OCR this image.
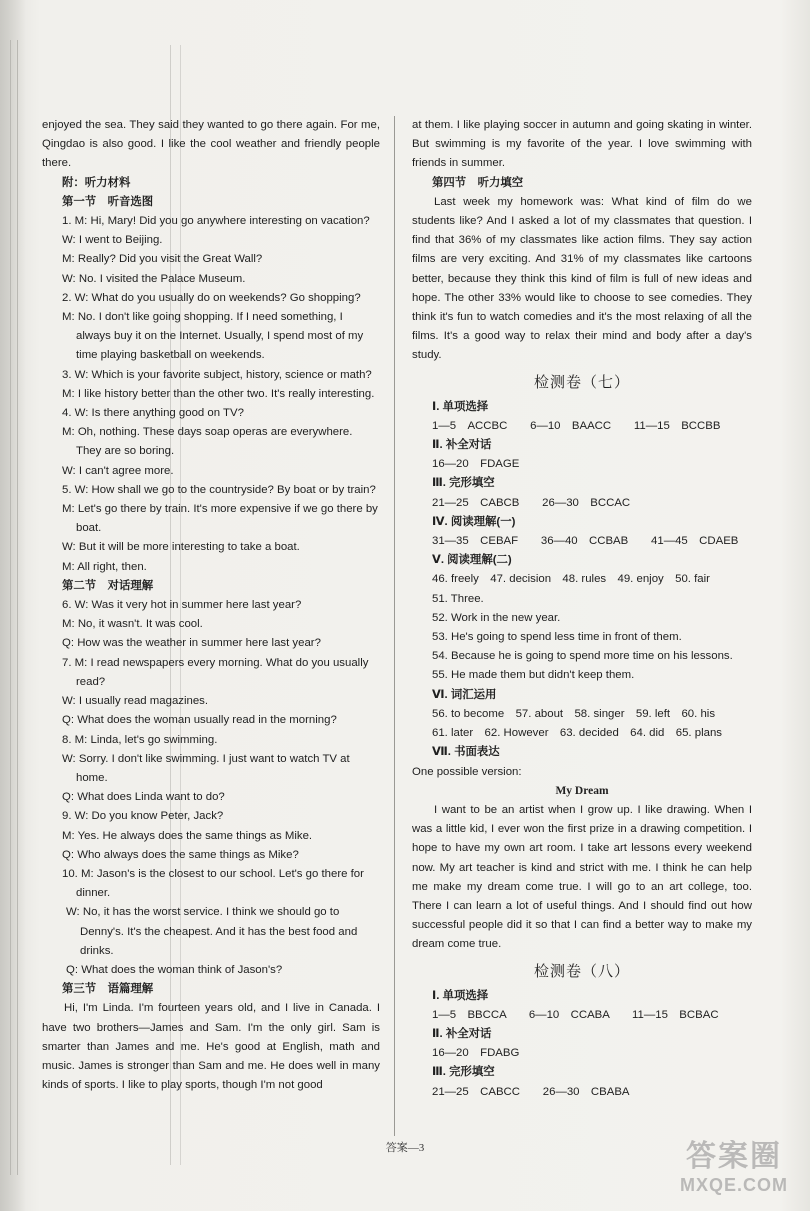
enjoyed the sea. They said they wanted to go there again. For me, Qingdao is also good. I like the cool weather and friendly people there.

附：听力材料

第一节　听音选图

1. M: Hi, Mary! Did you go anywhere interesting on vacation?

W: I went to Beijing.

M: Really? Did you visit the Great Wall?

W: No. I visited the Palace Museum.

2. W: What do you usually do on weekends? Go shopping?

M: No. I don't like going shopping. If I need something, I always buy it on the Internet. Usually, I spend most of my time playing basketball on weekends.

3. W: Which is your favorite subject, history, science or math?

M: I like history better than the other two. It's really interesting.

4. W: Is there anything good on TV?

M: Oh, nothing. These days soap operas are everywhere. They are so boring.

W: I can't agree more.

5. W: How shall we go to the countryside? By boat or by train?

M: Let's go there by train. It's more expensive if we go there by boat.

W: But it will be more interesting to take a boat.

M: All right, then.

第二节　对话理解

6. W: Was it very hot in summer here last year?

M: No, it wasn't. It was cool.

Q: How was the weather in summer here last year?

7. M: I read newspapers every morning. What do you usually read?

W: I usually read magazines.

Q: What does the woman usually read in the morning?

8. M: Linda, let's go swimming.

W: Sorry. I don't like swimming. I just want to watch TV at home.

Q: What does Linda want to do?

9. W: Do you know Peter, Jack?

M: Yes. He always does the same things as Mike.

Q: Who always does the same things as Mike?

10. M: Jason's is the closest to our school. Let's go there for dinner.

W: No, it has the worst service. I think we should go to Denny's. It's the cheapest. And it has the best food and drinks.

Q: What does the woman think of Jason's?

第三节　语篇理解

Hi, I'm Linda. I'm fourteen years old, and I live in Canada. I have two brothers—James and Sam. I'm the only girl. Sam is smarter than James and me. He's good at English, math and music. James is stronger than Sam and me. He does well in many kinds of sports. I like to play sports, though I'm not good

at them. I like playing soccer in autumn and going skating in winter. But swimming is my favorite of the year. I love swimming with friends in summer.

第四节　听力填空

Last week my homework was: What kind of film do we students like? And I asked a lot of my classmates that question. I find that 36% of my classmates like action films. They say action films are very exciting. And 31% of my classmates like cartoons better, because they think this kind of film is full of new ideas and hope. The other 33% would like to choose to see comedies. They think it's fun to watch comedies and it's the most relaxing of all the films. It's a good way to relax their mind and body after a day's study.

检测卷（七）

Ⅰ. 单项选择

1—5　ACCBC　　6—10　BAACC　　11—15　BCCBB

Ⅱ. 补全对话

16—20　FDAGE

Ⅲ. 完形填空

21—25　CABCB　　26—30　BCCAC

Ⅳ. 阅读理解(一)

31—35　CEBAF　　36—40　CCBAB　　41—45　CDAEB

Ⅴ. 阅读理解(二)

46. freely　47. decision　48. rules　49. enjoy　50. fair

51. Three.

52. Work in the new year.

53. He's going to spend less time in front of them.

54. Because he is going to spend more time on his lessons.

55. He made them but didn't keep them.

Ⅵ. 词汇运用

56. to become　57. about　58. singer　59. left　60. his

61. later　62. However　63. decided　64. did　65. plans

Ⅶ. 书面表达

One possible version:

My Dream

I want to be an artist when I grow up. I like drawing. When I was a little kid, I ever won the first prize in a drawing competition. I hope to have my own art room. I take art lessons every weekend now. My art teacher is kind and strict with me. I think he can help me make my dream come true. I will go to an art college, too. There I can learn a lot of useful things. And I should find out how successful people did it so that I can find a better way to make my dream come true.

检测卷（八）

Ⅰ. 单项选择

1—5　BBCCA　　6—10　CCABA　　11—15　BCBAC

Ⅱ. 补全对话

16—20　FDABG

Ⅲ. 完形填空

21—25　CABCC　　26—30　CBABA

答案—3	答案圈
MXQE.COM
